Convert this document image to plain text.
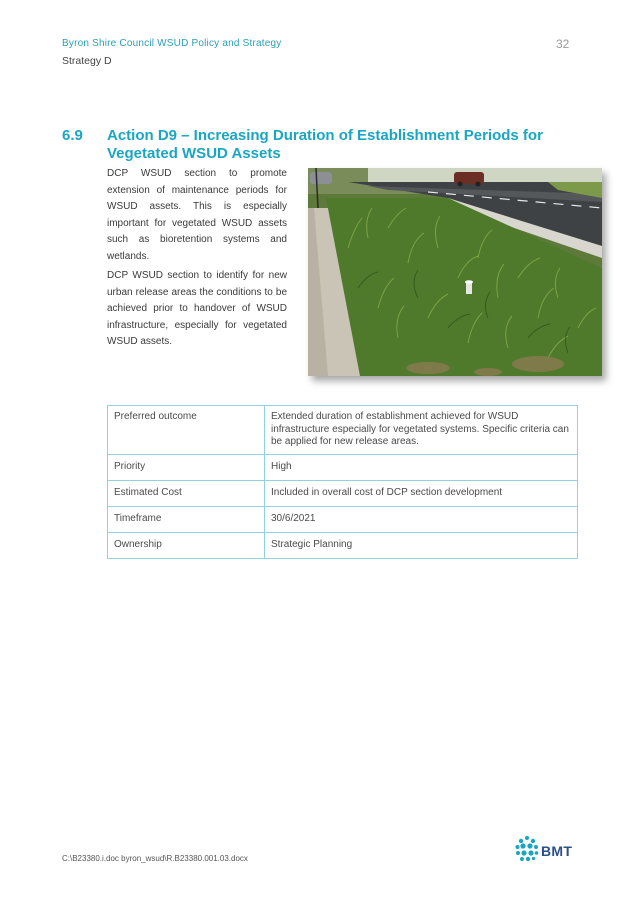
Byron Shire Council WSUD Policy and Strategy
Strategy D
32
6.9 Action D9 – Increasing Duration of Establishment Periods for Vegetated WSUD Assets
DCP WSUD section to promote extension of maintenance periods for WSUD assets. This is especially important for vegetated WSUD assets such as bioretention systems and wetlands.
DCP WSUD section to identify for new urban release areas the conditions to be achieved prior to handover of WSUD infrastructure, especially for vegetated WSUD assets.
Preferred outcome	Extended duration of establishment achieved for WSUD infrastructure especially for vegetated systems. Specific criteria can be applied for new release areas.
Priority	High
Estimated Cost	Included in overall cost of DCP section development
Timeframe	30/6/2021
Ownership	Strategic Planning
C:\B23380.i.doc byron_wsud\R.B23380.001.03.docx	BMT
